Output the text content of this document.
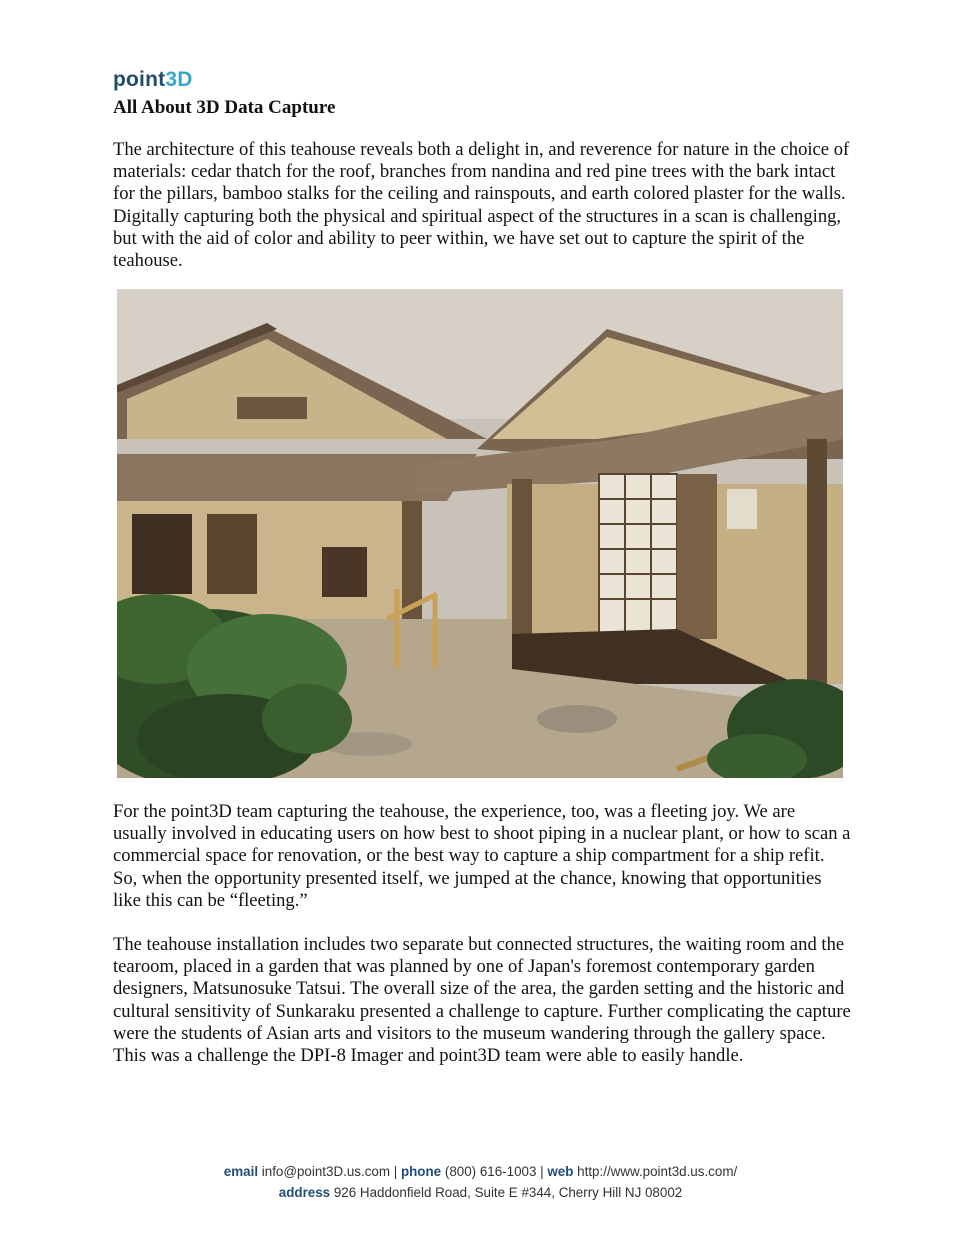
point3D
All About 3D Data Capture

The architecture of this teahouse reveals both a delight in, and reverence for nature in the choice of materials: cedar thatch for the roof, branches from nandina and red pine trees with the bark intact for the pillars, bamboo stalks for the ceiling and rainspouts, and earth colored plaster for the walls. Digitally capturing both the physical and spiritual aspect of the structures in a scan is challenging, but with the aid of color and ability to peer within, we have set out to capture the spirit of the teahouse.

For the point3D team capturing the teahouse, the experience, too, was a fleeting joy. We are usually involved in educating users on how best to shoot piping in a nuclear plant, or how to scan a commercial space for renovation, or the best way to capture a ship compartment for a ship refit. So, when the opportunity presented itself, we jumped at the chance, knowing that opportunities like this can be “fleeting.”

The teahouse installation includes two separate but connected structures, the waiting room and the tearoom, placed in a garden that was planned by one of Japan's foremost contemporary garden designers, Matsunosuke Tatsui. The overall size of the area, the garden setting and the historic and cultural sensitivity of Sunkaraku presented a challenge to capture. Further complicating the capture were the students of Asian arts and visitors to the museum wandering through the gallery space. This was a challenge the DPI-8 Imager and point3D team were able to easily handle.

email info@point3D.us.com | phone (800) 616-1003 | web http://www.point3d.us.com/
address 926 Haddonfield Road, Suite E #344, Cherry Hill NJ 08002
